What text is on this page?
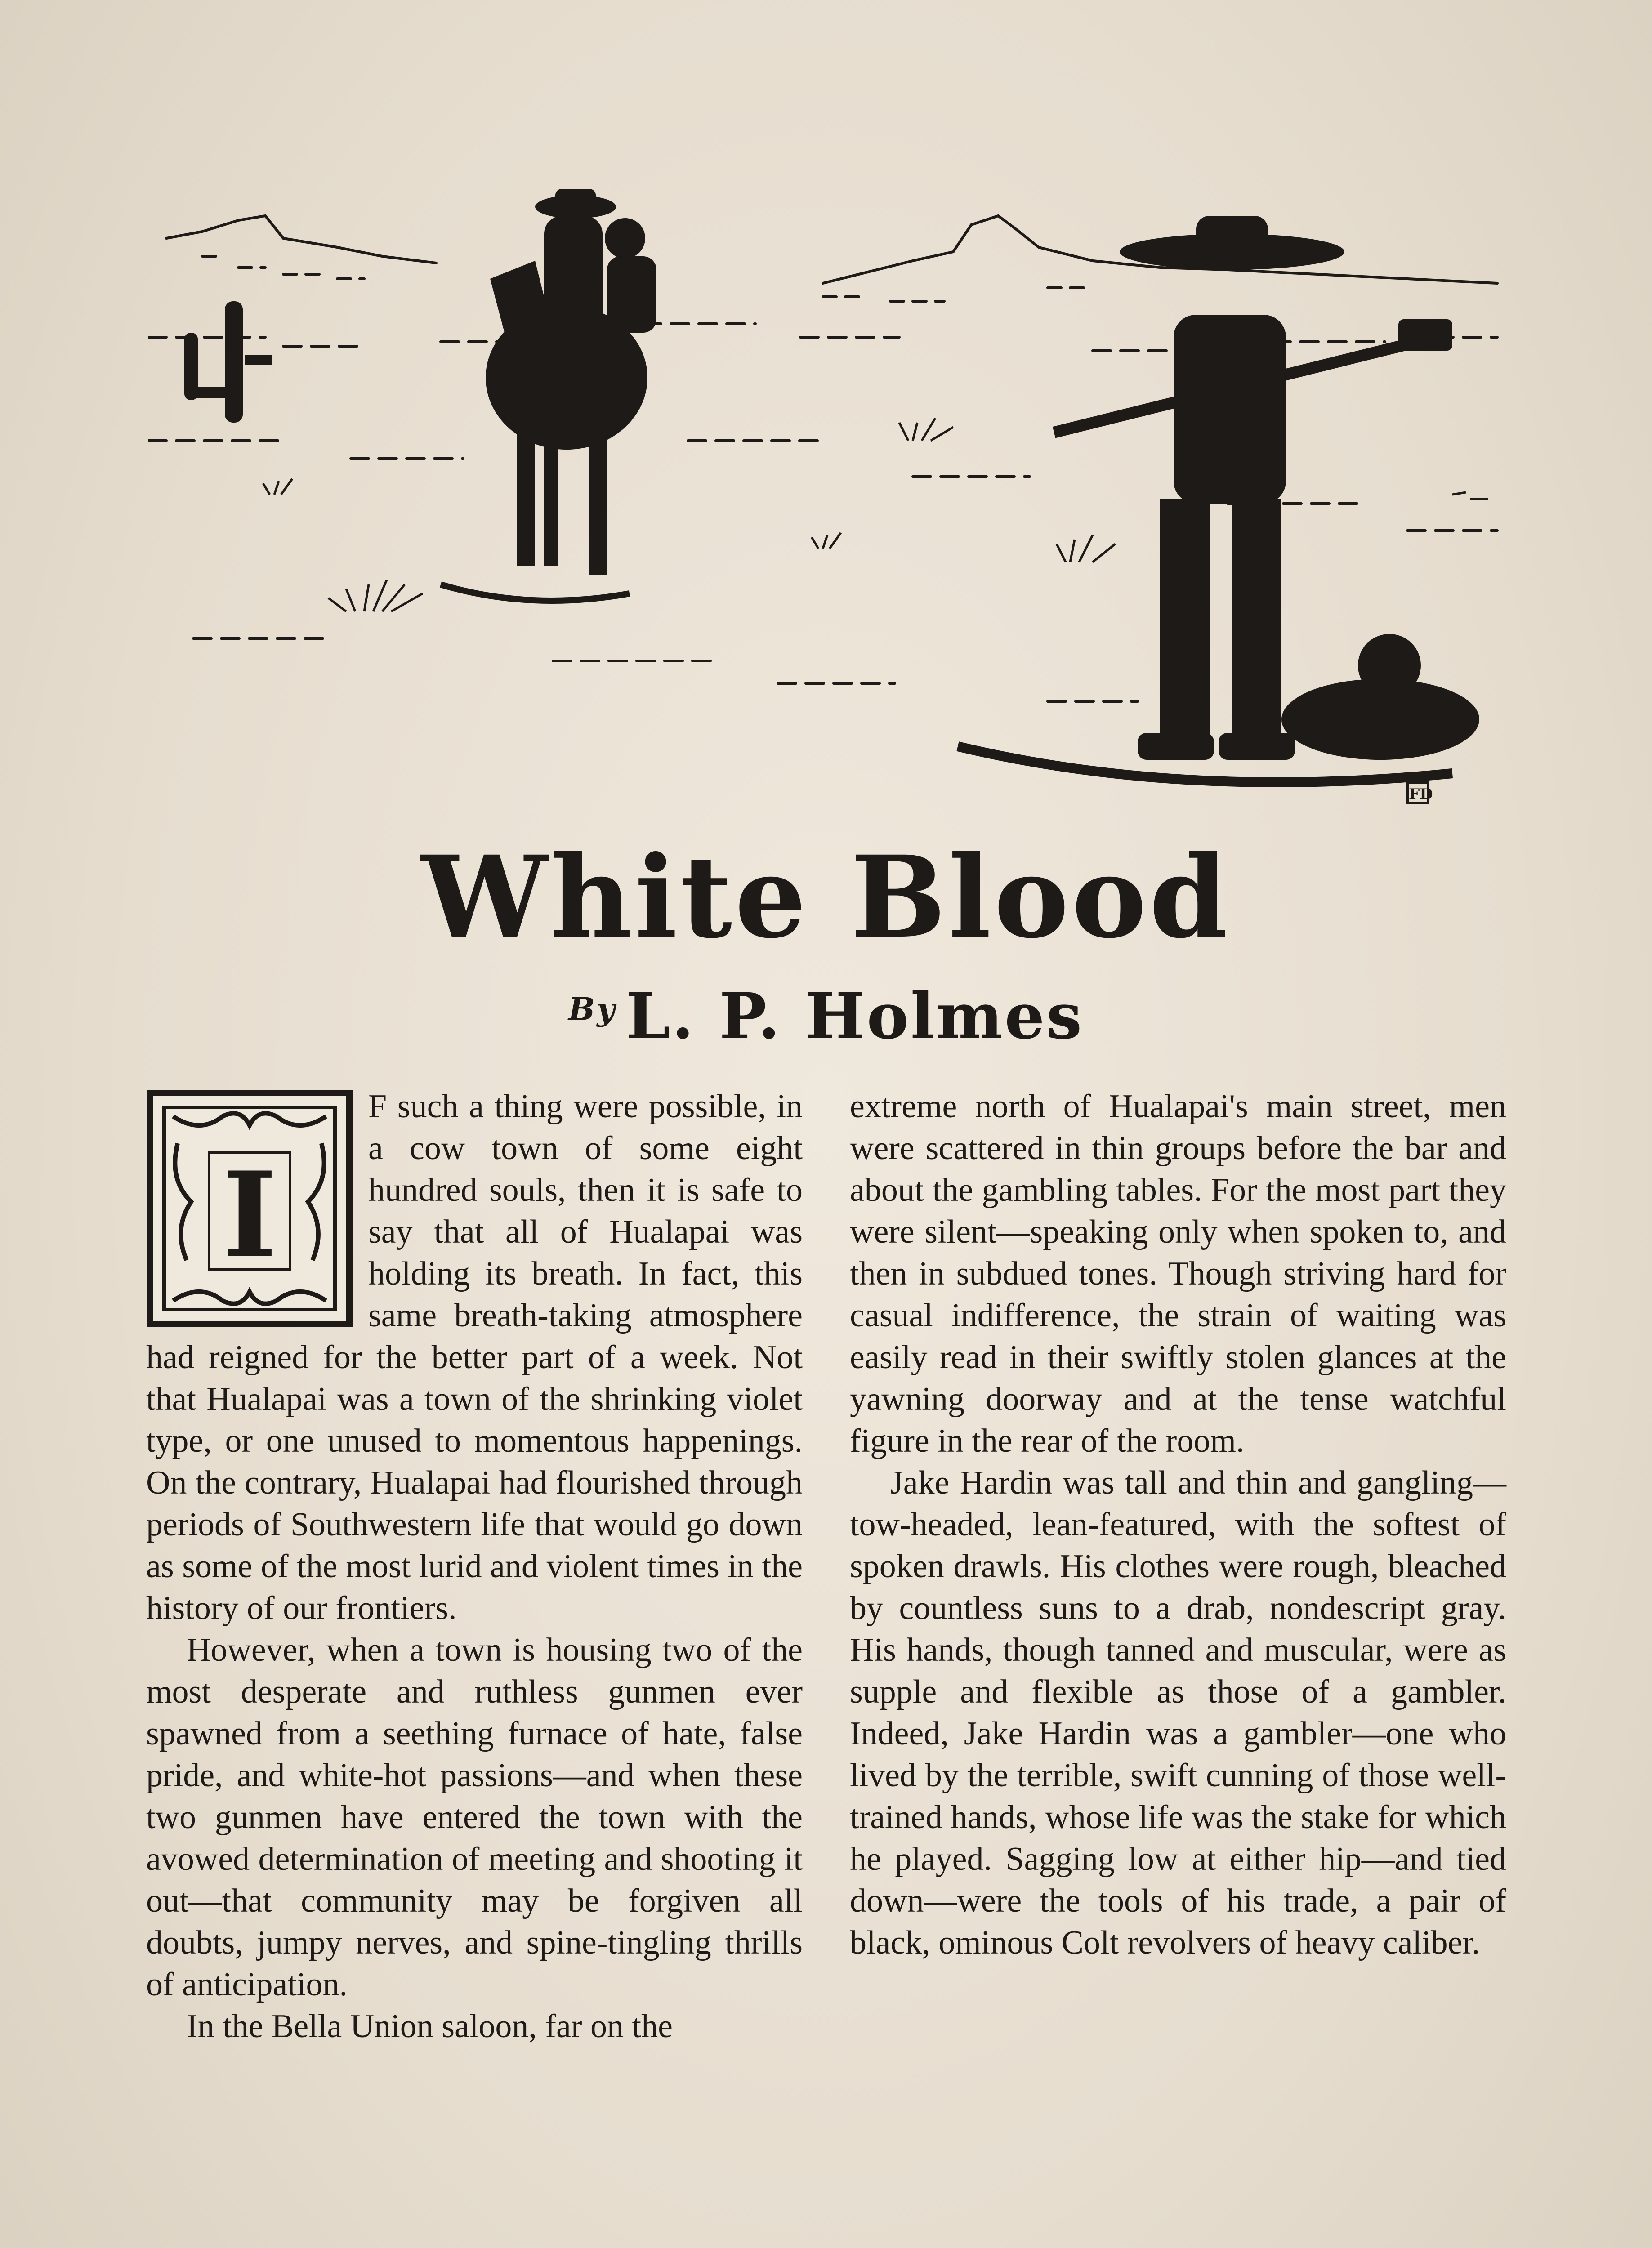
FD
White Blood
$^{By}$ L. P. Holmes
I

F such a thing were possible, in a cow town of some eight hundred souls, then it is safe to say that all of Hualapai was holding its breath. In fact, this same breath-taking atmosphere had reigned for the better part of a week. Not that Hualapai was a town of the shrinking violet type, or one unused to momentous happenings. On the contrary, Hualapai had flourished through periods of Southwestern life that would go down as some of the most lurid and violent times in the history of our frontiers.

However, when a town is housing two of the most desperate and ruthless gunmen ever spawned from a seething furnace of hate, false pride, and white-hot passions—and when these two gunmen have entered the town with the avowed determination of meeting and shooting it out—that community may be forgiven all doubts, jumpy nerves, and spine-tingling thrills of anticipation.

In the Bella Union saloon, far on the

extreme north of Hualapai's main street, men were scattered in thin groups before the bar and about the gambling tables. For the most part they were silent—speaking only when spoken to, and then in subdued tones. Though striving hard for casual indifference, the strain of waiting was easily read in their swiftly stolen glances at the yawning doorway and at the tense watchful figure in the rear of the room.

Jake Hardin was tall and thin and gangling—tow-headed, lean-featured, with the softest of spoken drawls. His clothes were rough, bleached by countless suns to a drab, nondescript gray. His hands, though tanned and muscular, were as supple and flexible as those of a gambler. Indeed, Jake Hardin was a gambler—one who lived by the terrible, swift cunning of those well-trained hands, whose life was the stake for which he played. Sagging low at either hip—and tied down—were the tools of his trade, a pair of black, ominous Colt revolvers of heavy caliber.
